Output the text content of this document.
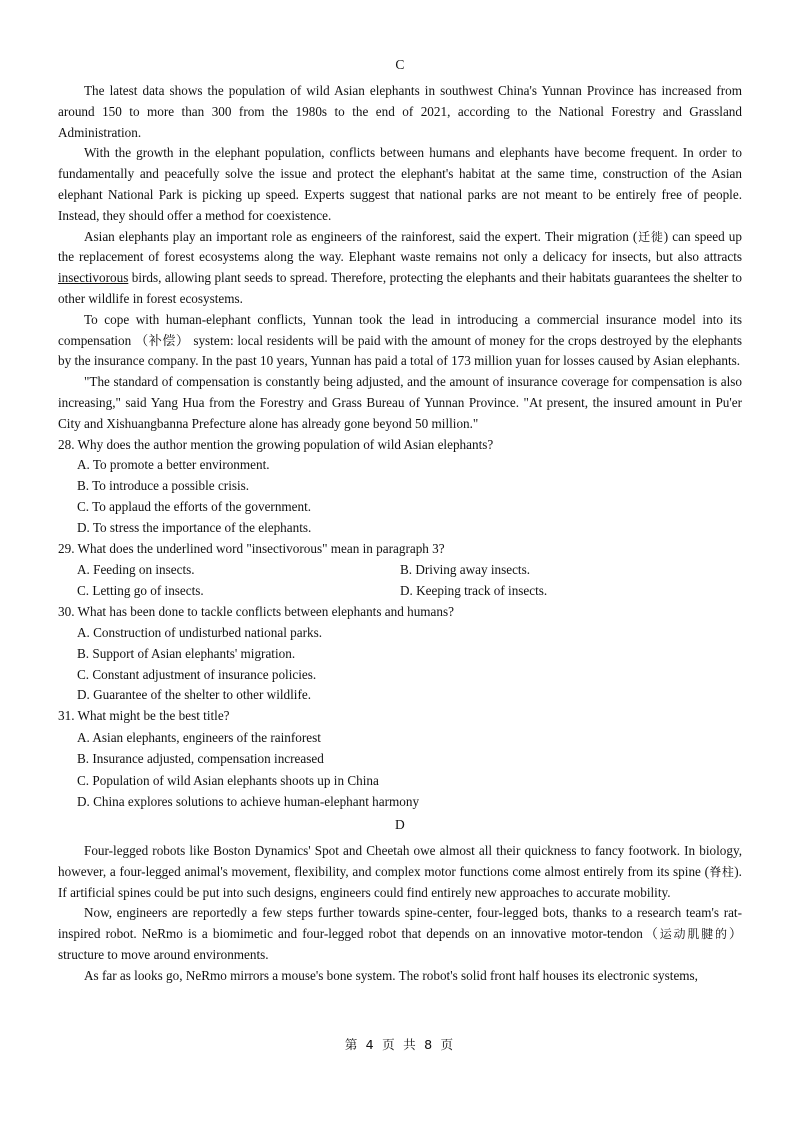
C

The latest data shows the population of wild Asian elephants in southwest China's Yunnan Province has increased from around 150 to more than 300 from the 1980s to the end of 2021, according to the National Forestry and Grassland Administration.

With the growth in the elephant population, conflicts between humans and elephants have become frequent. In order to fundamentally and peacefully solve the issue and protect the elephant's habitat at the same time, construction of the Asian elephant National Park is picking up speed. Experts suggest that national parks are not meant to be entirely free of people. Instead, they should offer a method for coexistence.

Asian elephants play an important role as engineers of the rainforest, said the expert. Their migration (迁徙) can speed up the replacement of forest ecosystems along the way. Elephant waste remains not only a delicacy for insects, but also attracts insectivorous birds, allowing plant seeds to spread. Therefore, protecting the elephants and their habitats guarantees the shelter to other wildlife in forest ecosystems.

To cope with human-elephant conflicts, Yunnan took the lead in introducing a commercial insurance model into its compensation （补偿） system: local residents will be paid with the amount of money for the crops destroyed by the elephants by the insurance company. In the past 10 years, Yunnan has paid a total of 173 million yuan for losses caused by Asian elephants.

"The standard of compensation is constantly being adjusted, and the amount of insurance coverage for compensation is also increasing," said Yang Hua from the Forestry and Grass Bureau of Yunnan Province. "At present, the insured amount in Pu'er City and Xishuangbanna Prefecture alone has already gone beyond 50 million."

28. Why does the author mention the growing population of wild Asian elephants?

A. To promote a better environment.
B. To introduce a possible crisis.
C. To applaud the efforts of the government.
D. To stress the importance of the elephants.

29. What does the underlined word "insectivorous" mean in paragraph 3?

A. Feeding on insects.	B. Driving away insects.
C. Letting go of insects.	D. Keeping track of insects.

30. What has been done to tackle conflicts between elephants and humans?

A. Construction of undisturbed national parks.
B. Support of Asian elephants' migration.
C. Constant adjustment of insurance policies.
D. Guarantee of the shelter to other wildlife.

31. What might be the best title?

A. Asian elephants, engineers of the rainforest
B. Insurance adjusted, compensation increased
C. Population of wild Asian elephants shoots up in China
D. China explores solutions to achieve human-elephant harmony
D

Four-legged robots like Boston Dynamics' Spot and Cheetah owe almost all their quickness to fancy footwork. In biology, however, a four-legged animal's movement, flexibility, and complex motor functions come almost entirely from its spine (脊柱). If artificial spines could be put into such designs, engineers could find entirely new approaches to accurate mobility.

Now, engineers are reportedly a few steps further towards spine-center, four-legged bots, thanks to a research team's rat-inspired robot. NeRmo is a biomimetic and four-legged robot that depends on an innovative motor-tendon（运动肌腱的）structure to move around environments.

As far as looks go, NeRmo mirrors a mouse's bone system. The robot's solid front half houses its electronic systems,

第 4 页 共 8 页
